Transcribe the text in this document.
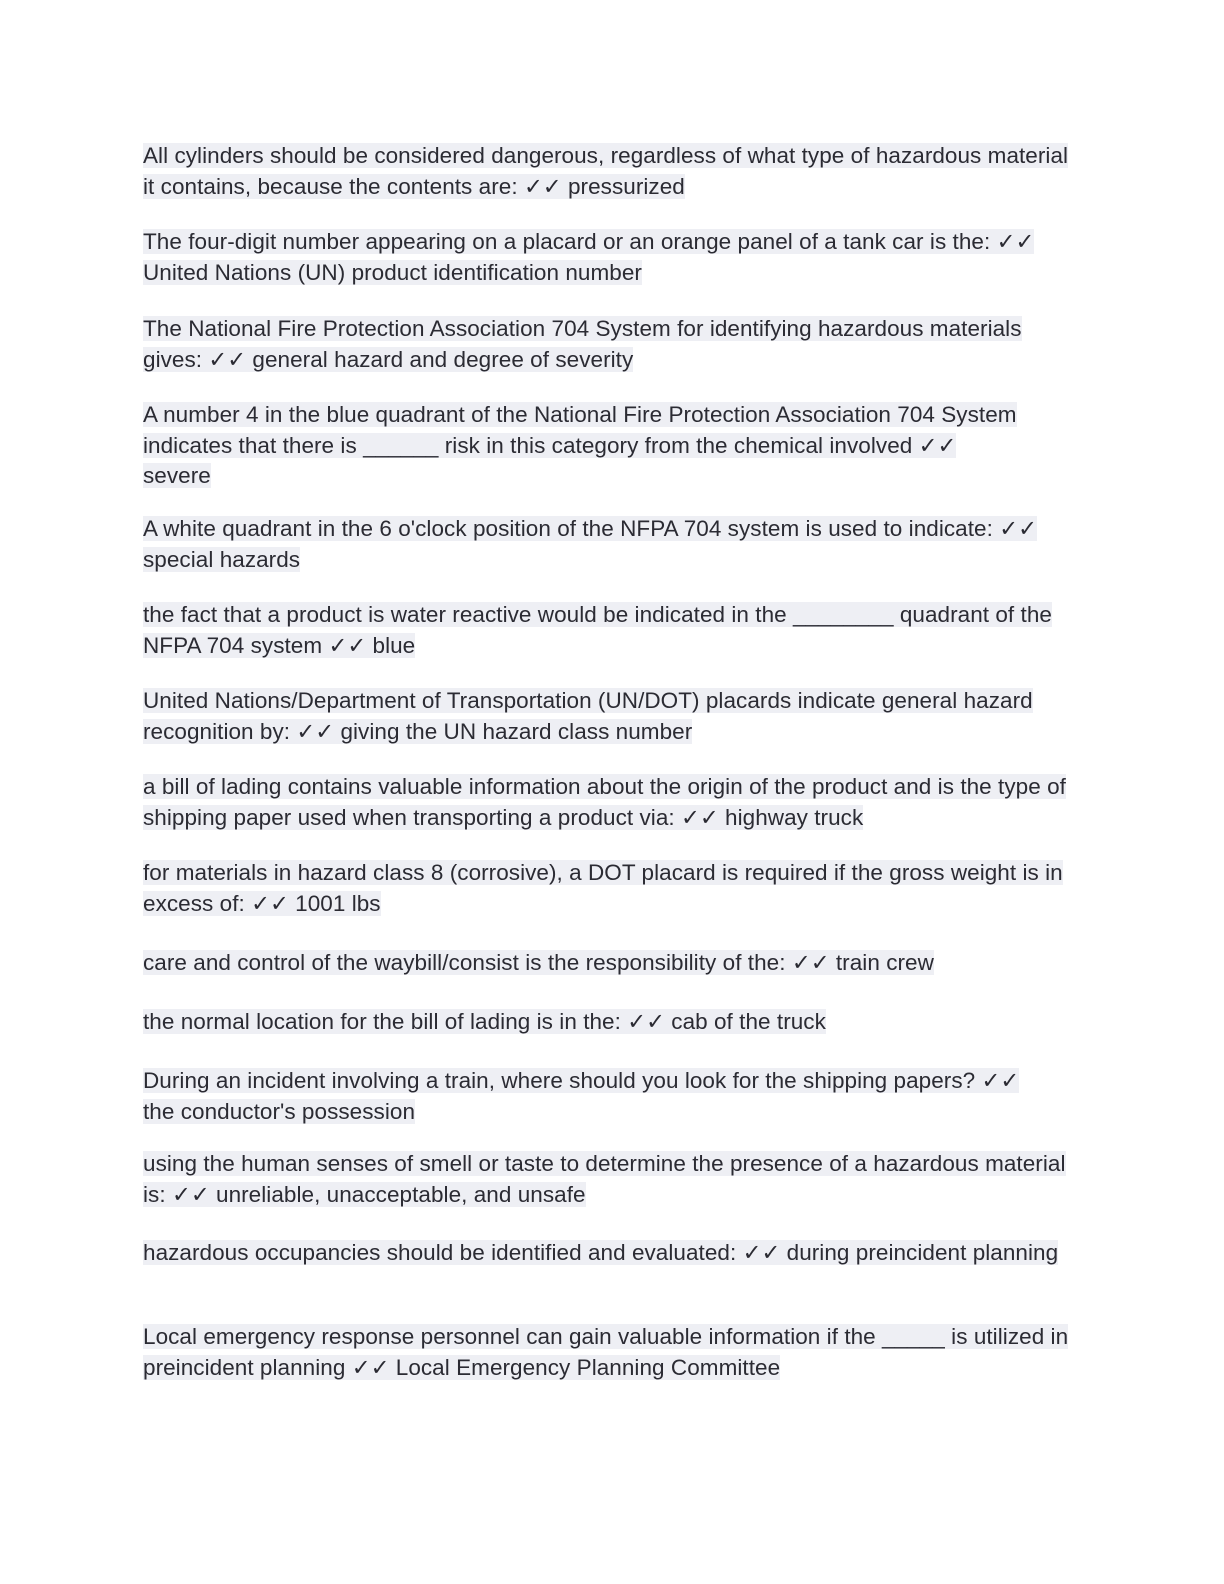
All cylinders should be considered dangerous, regardless of what type of hazardous material it contains, because the contents are: ✓✓ pressurized
The four-digit number appearing on a placard or an orange panel of a tank car is the: ✓✓ United Nations (UN) product identification number
The National Fire Protection Association 704 System for identifying hazardous materials gives: ✓✓ general hazard and degree of severity
A number 4 in the blue quadrant of the National Fire Protection Association 704 System indicates that there is ______ risk in this category from the chemical involved ✓✓
severe
A white quadrant in the 6 o'clock position of the NFPA 704 system is used to indicate: ✓✓ special hazards
the fact that a product is water reactive would be indicated in the ________ quadrant of the NFPA 704 system ✓✓ blue
United Nations/Department of Transportation (UN/DOT) placards indicate general hazard recognition by: ✓✓ giving the UN hazard class number
a bill of lading contains valuable information about the origin of the product and is the type of shipping paper used when transporting a product via: ✓✓ highway truck
for materials in hazard class 8 (corrosive), a DOT placard is required if the gross weight is in excess of: ✓✓ 1001 lbs
care and control of the waybill/consist is the responsibility of the: ✓✓ train crew
the normal location for the bill of lading is in the: ✓✓ cab of the truck
During an incident involving a train, where should you look for the shipping papers? ✓✓
the conductor's possession
using the human senses of smell or taste to determine the presence of a hazardous material is: ✓✓ unreliable, unacceptable, and unsafe
hazardous occupancies should be identified and evaluated: ✓✓ during preincident planning

Local emergency response personnel can gain valuable information if the _____ is utilized in preincident planning ✓✓ Local Emergency Planning Committee
